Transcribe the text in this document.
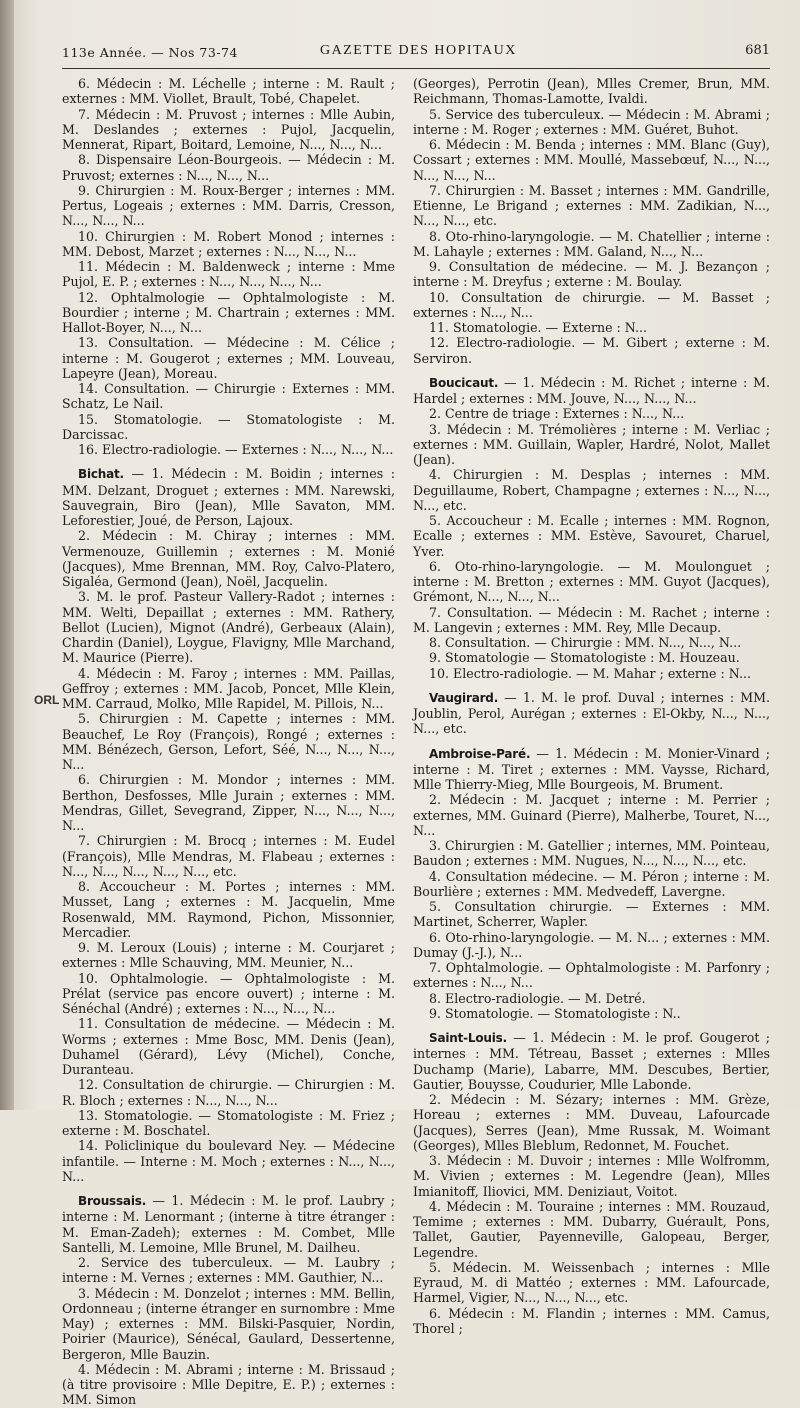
113e Année. — Nos 73-74	GAZETTE DES HOPITAUX	681
ORL

6. Médecin : M. Léchelle ; interne : M. Rault ; externes : MM. Viollet, Brault, Tobé, Chapelet.

7. Médecin : M. Pruvost ; internes : Mlle Aubin, M. Deslandes ; externes : Pujol, Jacquelin, Mennerat, Ripart, Boitard, Lemoine, N..., N..., N...

8. Dispensaire Léon-Bourgeois. — Médecin : M. Pruvost; externes : N..., N..., N...

9. Chirurgien : M. Roux-Berger ; internes : MM. Pertus, Logeais ; externes : MM. Darris, Cresson, N..., N..., N...

10. Chirurgien : M. Robert Monod ; internes : MM. Debost, Marzet ; externes : N..., N..., N...

11. Médecin : M. Baldenweck ; interne : Mme Pujol, E. P. ; externes : N..., N..., N..., N...

12. Ophtalmologie — Ophtalmologiste : M. Bourdier ; interne ; M. Chartrain ; externes : MM. Hallot-Boyer, N..., N...

13. Consultation. — Médecine : M. Célice ; interne : M. Gougerot ; externes ; MM. Louveau, Lapeyre (Jean), Moreau.

14. Consultation. — Chirurgie : Externes : MM. Schatz, Le Nail.

15. Stomatologie. — Stomatologiste : M. Darcissac.

16. Electro-radiologie. — Externes : N..., N..., N...

Bichat. — 1. Médecin : M. Boidin ; internes : MM. Delzant, Droguet ; externes : MM. Narewski, Sauvegrain, Biro (Jean), Mlle Savaton, MM. Leforestier, Joué, de Person, Lajoux.

2. Médecin : M. Chiray ; internes : MM. Vermenouze, Guillemin ; externes : M. Monié (Jacques), Mme Brennan, MM. Roy, Calvo-Platero, Sigaléa, Germond (Jean), Noël, Jacquelin.

3. M. le prof. Pasteur Vallery-Radot ; internes : MM. Welti, Depaillat ; externes : MM. Rathery, Bellot (Lucien), Mignot (André), Gerbeaux (Alain), Chardin (Daniel), Loygue, Flavigny, Mlle Marchand, M. Maurice (Pierre).

4. Médecin : M. Faroy ; internes : MM. Paillas, Geffroy ; externes : MM. Jacob, Poncet, Mlle Klein, MM. Carraud, Molko, Mlle Rapidel, M. Pillois, N...

5. Chirurgien : M. Capette ; internes : MM. Beauchef, Le Roy (François), Rongé ; externes : MM. Bénézech, Gerson, Lefort, Séé, N..., N..., N..., N...

6. Chirurgien : M. Mondor ; internes : MM. Berthon, Desfosses, Mlle Jurain ; externes : MM. Mendras, Gillet, Sevegrand, Zipper, N..., N..., N..., N...

7. Chirurgien : M. Brocq ; internes : M. Eudel (François), Mlle Mendras, M. Flabeau ; externes : N..., N..., N..., N..., N..., etc.

8. Accoucheur : M. Portes ; internes : MM. Musset, Lang ; externes : M. Jacquelin, Mme Rosenwald, MM. Raymond, Pichon, Missonnier, Mercadier.

9. M. Leroux (Louis) ; interne : M. Courjaret ; externes : Mlle Schauving, MM. Meunier, N...

10. Ophtalmologie. — Ophtalmologiste : M. Prélat (service pas encore ouvert) ; interne : M. Sénéchal (André) ; externes : N..., N..., N...

11. Consultation de médecine. — Médecin : M. Worms ; externes : Mme Bosc, MM. Denis (Jean), Duhamel (Gérard), Lévy (Michel), Conche, Duranteau.

12. Consultation de chirurgie. — Chirurgien : M. R. Bloch ; externes : N..., N..., N...

13. Stomatologie. — Stomatologiste : M. Friez ; externe : M. Boschatel.

14. Policlinique du boulevard Ney. — Médecine infantile. — Interne : M. Moch ; externes : N..., N..., N...

Broussais. — 1. Médecin : M. le prof. Laubry ; interne : M. Lenormant ; (interne à titre étranger : M. Eman-Zadeh); externes : M. Combet, Mlle Santelli, M. Lemoine, Mlle Brunel, M. Dailheu.

2. Service des tuberculeux. — M. Laubry ; interne : M. Vernes ; externes : MM. Gauthier, N...

3. Médecin : M. Donzelot ; internes : MM. Bellin, Ordonneau ; (interne étranger en surnombre : Mme May) ; externes : MM. Bilski-Pasquier, Nordin, Poirier (Maurice), Sénécal, Gaulard, Dessertenne, Bergeron, Mlle Bauzin.

4. Médecin : M. Abrami ; interne : M. Brissaud ; (à titre provisoire : Mlle Depitre, E. P.) ; externes : MM. Simon

(Georges), Perrotin (Jean), Mlles Cremer, Brun, MM. Reichmann, Thomas-Lamotte, Ivaldi.

5. Service des tuberculeux. — Médecin : M. Abrami ; interne : M. Roger ; externes : MM. Guéret, Buhot.

6. Médecin : M. Benda ; internes : MM. Blanc (Guy), Cossart ; externes : MM. Moullé, Massebœuf, N..., N..., N..., N..., N...

7. Chirurgien : M. Basset ; internes : MM. Gandrille, Etienne, Le Brigand ; externes : MM. Zadikian, N..., N..., N..., etc.

8. Oto-rhino-laryngologie. — M. Chatellier ; interne : M. Lahayle ; externes : MM. Galand, N..., N...

9. Consultation de médecine. — M. J. Bezançon ; interne : M. Dreyfus ; externe : M. Boulay.

10. Consultation de chirurgie. — M. Basset ; externes : N..., N...

11. Stomatologie. — Externe : N...

12. Electro-radiologie. — M. Gibert ; externe : M. Serviron.

Boucicaut. — 1. Médecin : M. Richet ; interne : M. Hardel ; externes : MM. Jouve, N..., N..., N...

2. Centre de triage : Externes : N..., N...

3. Médecin : M. Trémolières ; interne : M. Verliac ; externes : MM. Guillain, Wapler, Hardré, Nolot, Mallet (Jean).

4. Chirurgien : M. Desplas ; internes : MM. Deguillaume, Robert, Champagne ; externes : N..., N..., N..., etc.

5. Accoucheur : M. Ecalle ; internes : MM. Rognon, Ecalle ; externes : MM. Estève, Savouret, Charuel, Yver.

6. Oto-rhino-laryngologie. — M. Moulonguet ; interne : M. Bretton ; externes : MM. Guyot (Jacques), Grémont, N..., N..., N...

7. Consultation. — Médecin : M. Rachet ; interne : M. Langevin ; externes : MM. Rey, Mlle Decaup.

8. Consultation. — Chirurgie : MM. N..., N..., N...

9. Stomatologie — Stomatologiste : M. Houzeau.

10. Electro-radiologie. — M. Mahar ; externe : N...

Vaugirard. — 1. M. le prof. Duval ; internes : MM. Joublin, Perol, Aurégan ; externes : El-Okby, N..., N..., N..., etc.

Ambroise-Paré. — 1. Médecin : M. Monier-Vinard ; interne : M. Tiret ; externes : MM. Vaysse, Richard, Mlle Thierry-Mieg, Mlle Bourgeois, M. Brument.

2. Médecin : M. Jacquet ; interne : M. Perrier ; externes, MM. Guinard (Pierre), Malherbe, Touret, N..., N...

3. Chirurgien : M. Gatellier ; internes, MM. Pointeau, Baudon ; externes : MM. Nugues, N..., N..., N..., etc.

4. Consultation médecine. — M. Péron ; interne : M. Bourlière ; externes : MM. Medvedeff, Lavergne.

5. Consultation chirurgie. — Externes : MM. Martinet, Scherrer, Wapler.

6. Oto-rhino-laryngologie. — M. N... ; externes : MM. Dumay (J.-J.), N...

7. Ophtalmologie. — Ophtalmologiste : M. Parfonry ; externes : N..., N...

8. Electro-radiologie. — M. Detré.

9. Stomatologie. — Stomatologiste : N..

Saint-Louis. — 1. Médecin : M. le prof. Gougerot ; internes : MM. Tétreau, Basset ; externes : Mlles Duchamp (Marie), Labarre, MM. Descubes, Bertier, Gautier, Bouysse, Coudurier, Mlle Labonde.

2. Médecin : M. Sézary; internes : MM. Grèze, Horeau ; externes : MM. Duveau, Lafourcade (Jacques), Serres (Jean), Mme Russak, M. Woimant (Georges), Mlles Bleblum, Redonnet, M. Fouchet.

3. Médecin : M. Duvoir ; internes : Mlle Wolfromm, M. Vivien ; externes : M. Legendre (Jean), Mlles Imianitoff, Iliovici, MM. Deniziaut, Voitot.

4. Médecin : M. Touraine ; internes : MM. Rouzaud, Temime ; externes : MM. Dubarry, Guérault, Pons, Tallet, Gautier, Payenneville, Galopeau, Berger, Legendre.

5. Médecin. M. Weissenbach ; internes : Mlle Eyraud, M. di Mattéo ; externes : MM. Lafourcade, Harmel, Vigier, N..., N..., N..., etc.

6. Médecin : M. Flandin ; internes : MM. Camus, Thorel ;
